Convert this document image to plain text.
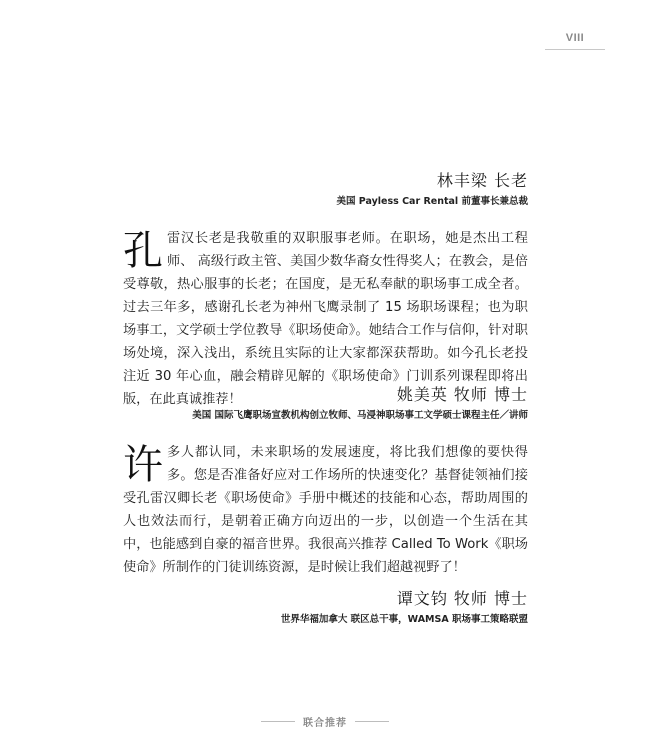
VIII
林丰梁 长老
美国 Payless Car Rental 前董事长兼总裁
孔 雷汉长老是我敬重的双职服事老师。在职场，她是杰出工程师、 高级行政主管、美国少数华裔女性得奖人；在教会，是倍受尊敬，热心服事的长老；在国度，是无私奉献的职场事工成全者。过去三年多，感谢孔长老为神州飞鹰录制了 15 场职场课程；也为职场事工，文学硕士学位教导《职场使命》。她结合工作与信仰，针对职场处境，深入浅出，系统且实际的让大家都深获帮助。如今孔长老投注近 30 年心血，融会精辟见解的《职场使命》门训系列课程即将出版，在此真诚推荐！	姚美英 牧师 博士
美国 国际飞鹰职场宣教机构创立牧师、马浸神职场事工文学硕士课程主任／讲师
许 多人都认同，未来职场的发展速度，将比我们想像的要快得多。您是否准备好应对工作场所的快速变化？基督徒领袖们接受孔雷汉卿长老《职场使命》手册中概述的技能和心态，帮助周围的人也效法而行，是朝着正确方向迈出的一步，以创造一个生活在其中，也能感到自豪的福音世界。我很高兴推荐 Called To Work《职场使命》所制作的门徒训练资源，是时候让我们超越视野了！
谭文钧 牧师 博士
世界华福加拿大 联区总干事，WAMSA 职场事工策略联盟
联合推荐
